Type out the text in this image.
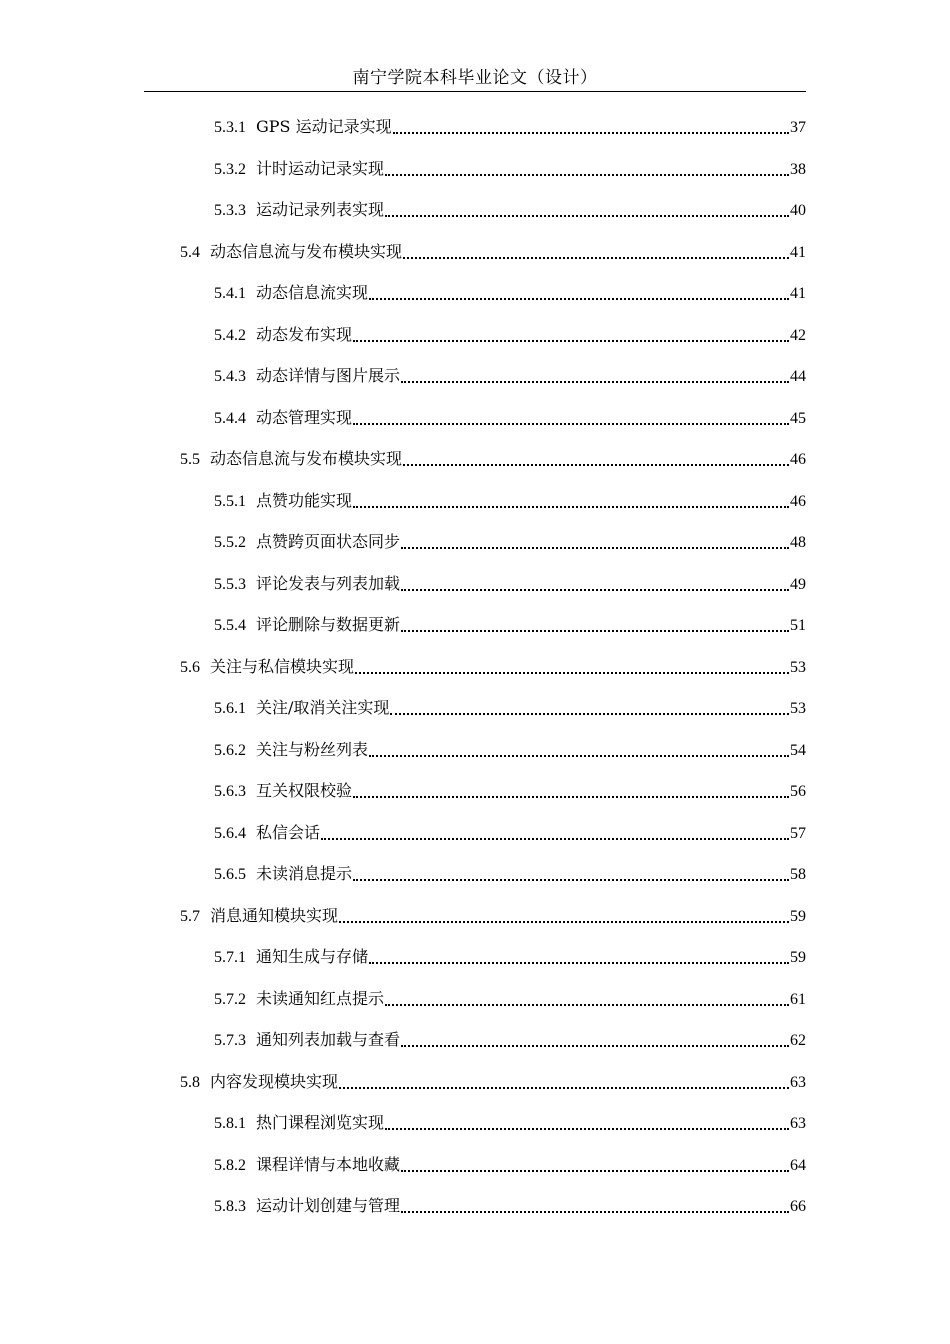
南宁学院本科毕业论文（设计）
5.3.1 GPS 运动记录实现	37
5.3.2 计时运动记录实现	38
5.3.3 运动记录列表实现	40
5.4 动态信息流与发布模块实现	41
5.4.1 动态信息流实现	41
5.4.2 动态发布实现	42
5.4.3 动态详情与图片展示	44
5.4.4 动态管理实现	45
5.5 动态信息流与发布模块实现	46
5.5.1 点赞功能实现	46
5.5.2 点赞跨页面状态同步	48
5.5.3 评论发表与列表加载	49
5.5.4 评论删除与数据更新	51
5.6 关注与私信模块实现	53
5.6.1 关注/取消关注实现	53
5.6.2 关注与粉丝列表	54
5.6.3 互关权限校验	56
5.6.4 私信会话	57
5.6.5 未读消息提示	58
5.7 消息通知模块实现	59
5.7.1 通知生成与存储	59
5.7.2 未读通知红点提示	61
5.7.3 通知列表加载与查看	62
5.8 内容发现模块实现	63
5.8.1 热门课程浏览实现	63
5.8.2 课程详情与本地收藏	64
5.8.3 运动计划创建与管理	66
